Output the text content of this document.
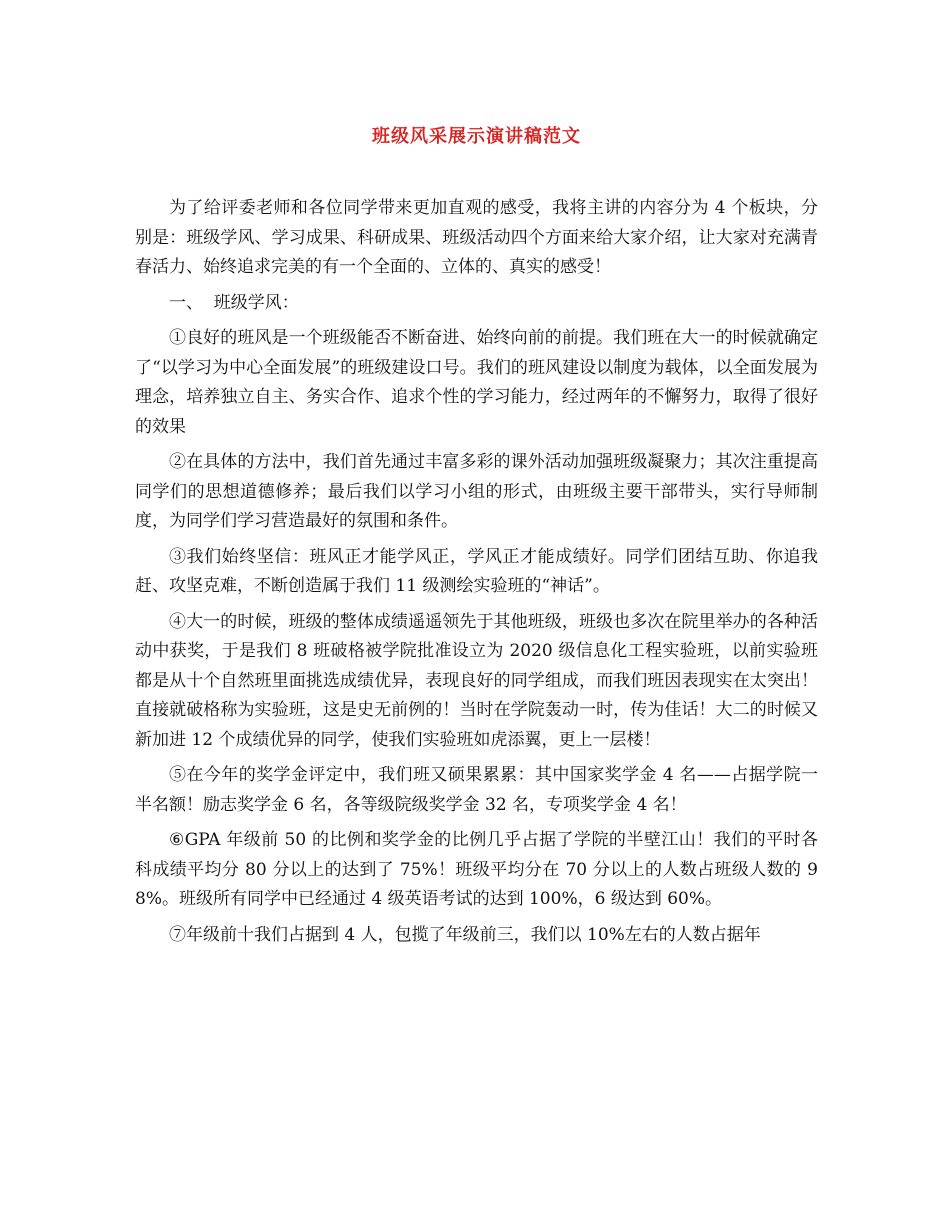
班级风采展示演讲稿范文

为了给评委老师和各位同学带来更加直观的感受，我将主讲的内容分为 4 个板块，分别是：班级学风、学习成果、科研成果、班级活动四个方面来给大家介绍，让大家对充满青春活力、始终追求完美的有一个全面的、立体的、真实的感受！

一、  班级学风：

①良好的班风是一个班级能否不断奋进、始终向前的前提。我们班在大一的时候就确定了“以学习为中心全面发展”的班级建设口号。我们的班风建设以制度为载体，以全面发展为理念，培养独立自主、务实合作、追求个性的学习能力，经过两年的不懈努力，取得了很好的效果

②在具体的方法中，我们首先通过丰富多彩的课外活动加强班级凝聚力；其次注重提高同学们的思想道德修养；最后我们以学习小组的形式，由班级主要干部带头，实行导师制度，为同学们学习营造最好的氛围和条件。

③我们始终坚信：班风正才能学风正，学风正才能成绩好。同学们团结互助、你追我赶、攻坚克难，不断创造属于我们 11 级测绘实验班的“神话”。

④大一的时候，班级的整体成绩遥遥领先于其他班级，班级也多次在院里举办的各种活动中获奖，于是我们 8 班破格被学院批准设立为 2020 级信息化工程实验班，以前实验班都是从十个自然班里面挑选成绩优异，表现良好的同学组成，而我们班因表现实在太突出！直接就破格称为实验班，这是史无前例的！当时在学院轰动一时，传为佳话！大二的时候又新加进 12 个成绩优异的同学，使我们实验班如虎添翼，更上一层楼！

⑤在今年的奖学金评定中，我们班又硕果累累：其中国家奖学金 4 名——占据学院一半名额！励志奖学金 6 名，各等级院级奖学金 32 名，专项奖学金 4 名！

⑥GPA 年级前 50 的比例和奖学金的比例几乎占据了学院的半壁江山！我们的平时各科成绩平均分 80 分以上的达到了 75%！班级平均分在 70 分以上的人数占班级人数的 98%。班级所有同学中已经通过 4 级英语考试的达到 100%，6 级达到 60%。

⑦年级前十我们占据到 4 人，包揽了年级前三，我们以 10%左右的人数占据年
